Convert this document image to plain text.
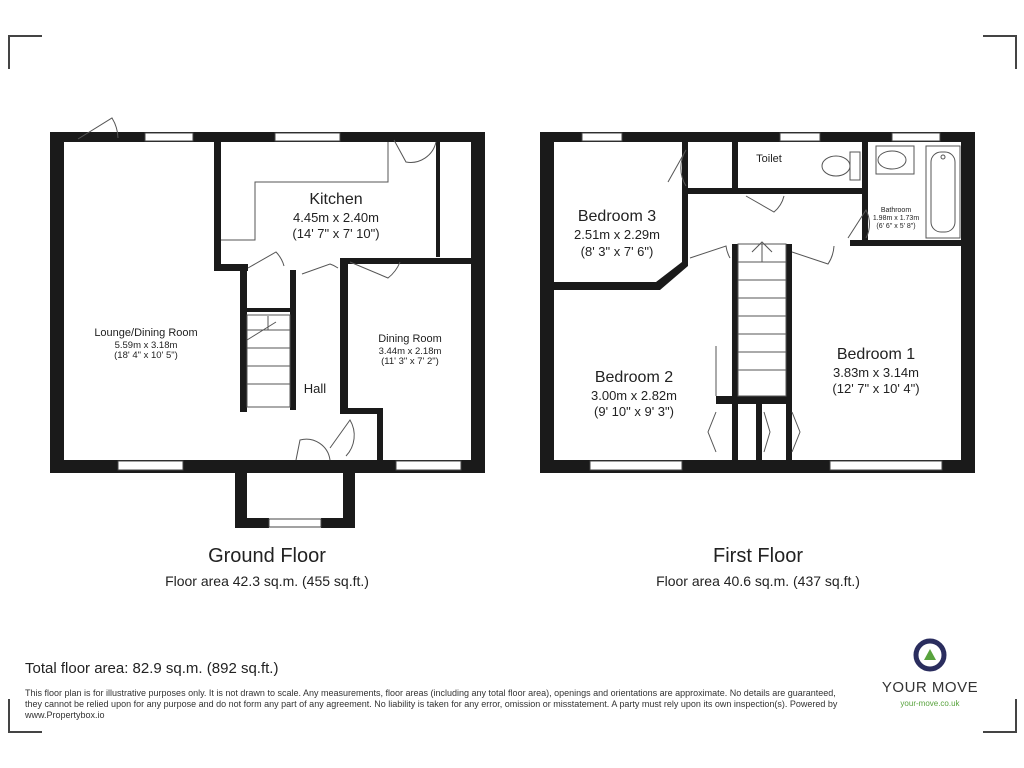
Lounge/Dining Room
5.59m x 3.18m
(18' 4" x 10' 5")
Kitchen
4.45m x 2.40m
(14' 7" x 7' 10")
Dining Room
3.44m x 2.18m
(11' 3" x 7' 2")
Hall
Bedroom 3
2.51m x 2.29m
(8' 3" x 7' 6")
Bedroom 2
3.00m x 2.82m
(9' 10" x 9' 3")
Bedroom 1
3.83m x 3.14m
(12' 7" x 10' 4")
Toilet
Bathroom
1.98m x 1.73m
(6' 6" x 5' 8")
Ground Floor
Floor area 42.3 sq.m. (455 sq.ft.)
First Floor
Floor area 40.6 sq.m. (437 sq.ft.)
Total floor area: 82.9 sq.m. (892 sq.ft.)
This floor plan is for illustrative purposes only. It is not drawn to scale. Any measurements, floor areas (including any total floor area), openings and orientations are approximate. No details are guaranteed, they cannot be relied upon for any purpose and do not form any part of any agreement. No liability is taken for any error, omission or misstatement. A party must rely upon its own inspection(s). Powered by www.Propertybox.io
YOUR MOVE
your-move.co.uk
